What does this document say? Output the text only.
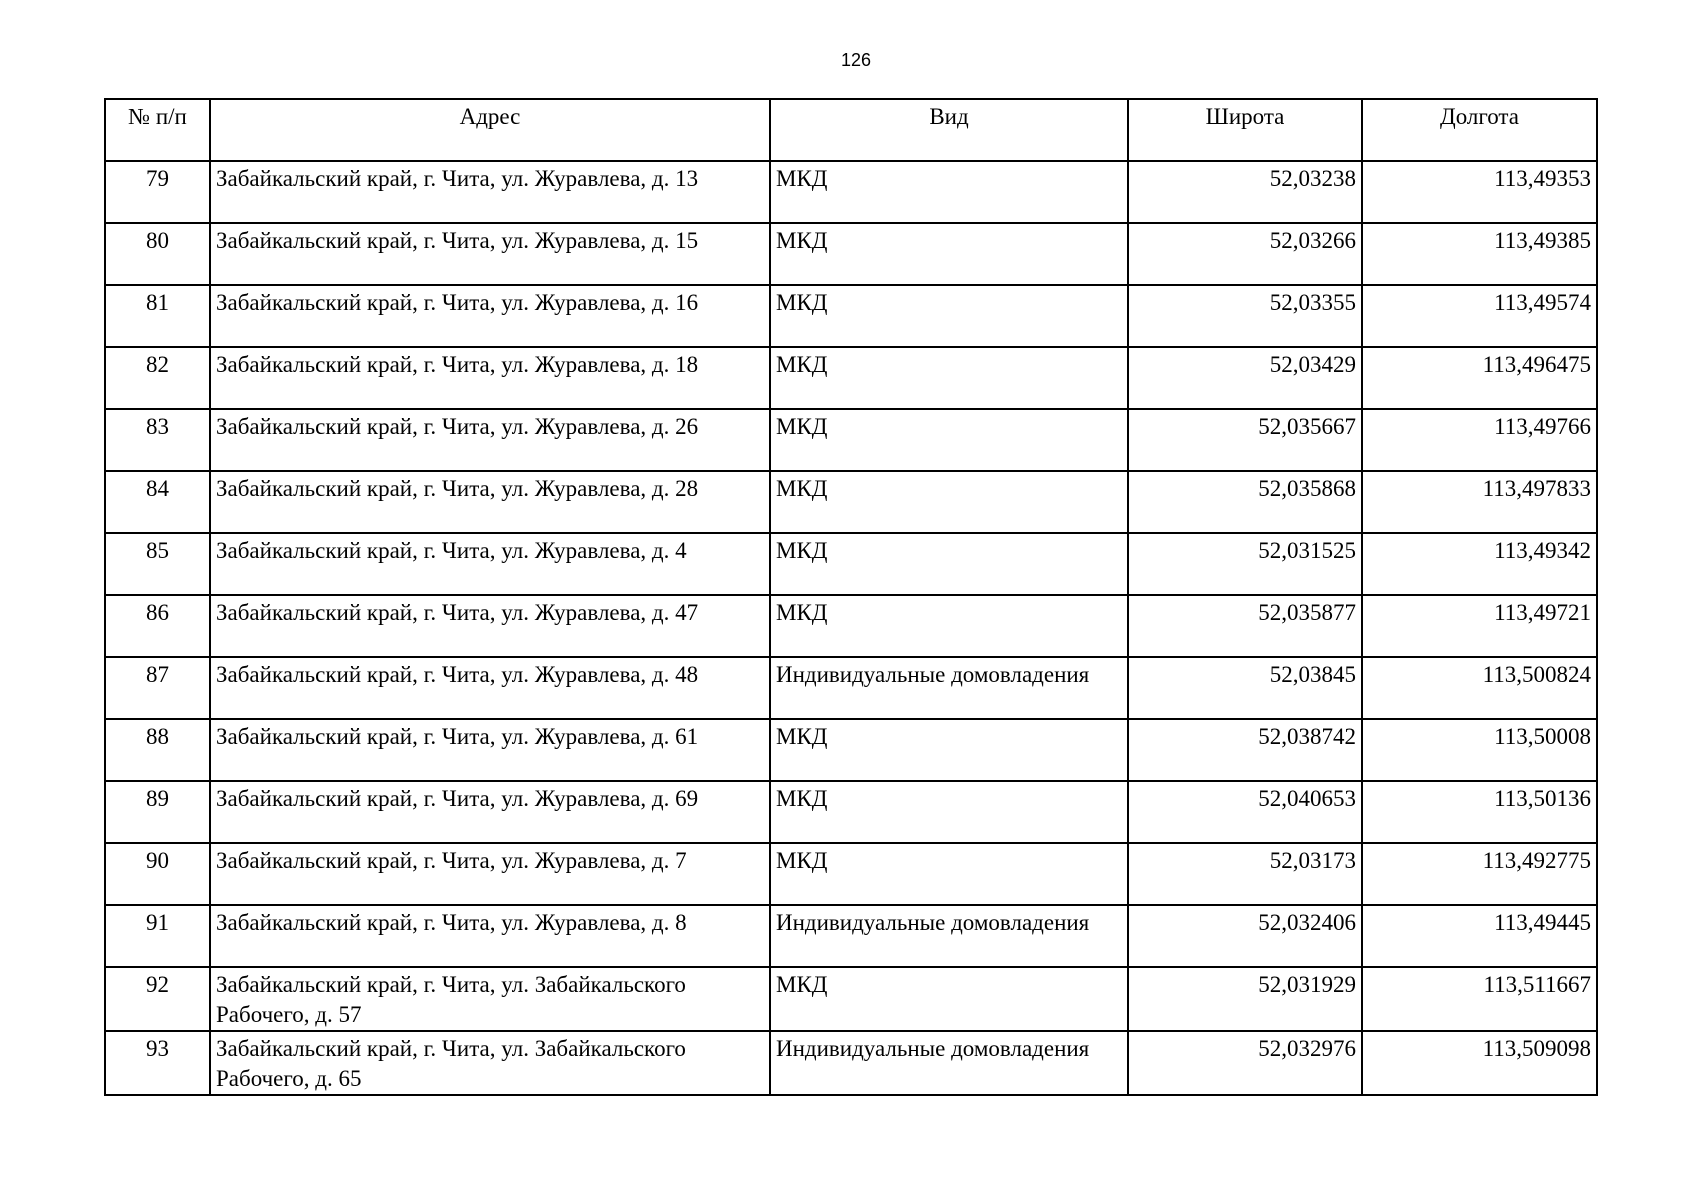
126
№ п/п	Адрес	Вид	Широта	Долгота
79	Забайкальский край, г. Чита, ул. Журавлева, д. 13	МКД	52,03238	113,49353
80	Забайкальский край, г. Чита, ул. Журавлева, д. 15	МКД	52,03266	113,49385
81	Забайкальский край, г. Чита, ул. Журавлева, д. 16	МКД	52,03355	113,49574
82	Забайкальский край, г. Чита, ул. Журавлева, д. 18	МКД	52,03429	113,496475
83	Забайкальский край, г. Чита, ул. Журавлева, д. 26	МКД	52,035667	113,49766
84	Забайкальский край, г. Чита, ул. Журавлева, д. 28	МКД	52,035868	113,497833
85	Забайкальский край, г. Чита, ул. Журавлева, д. 4	МКД	52,031525	113,49342
86	Забайкальский край, г. Чита, ул. Журавлева, д. 47	МКД	52,035877	113,49721
87	Забайкальский край, г. Чита, ул. Журавлева, д. 48	Индивидуальные домовладения	52,03845	113,500824
88	Забайкальский край, г. Чита, ул. Журавлева, д. 61	МКД	52,038742	113,50008
89	Забайкальский край, г. Чита, ул. Журавлева, д. 69	МКД	52,040653	113,50136
90	Забайкальский край, г. Чита, ул. Журавлева, д. 7	МКД	52,03173	113,492775
91	Забайкальский край, г. Чита, ул. Журавлева, д. 8	Индивидуальные домовладения	52,032406	113,49445
92	Забайкальский край, г. Чита, ул. Забайкальского Рабочего, д. 57	МКД	52,031929	113,511667
93	Забайкальский край, г. Чита, ул. Забайкальского Рабочего, д. 65	Индивидуальные домовладения	52,032976	113,509098
